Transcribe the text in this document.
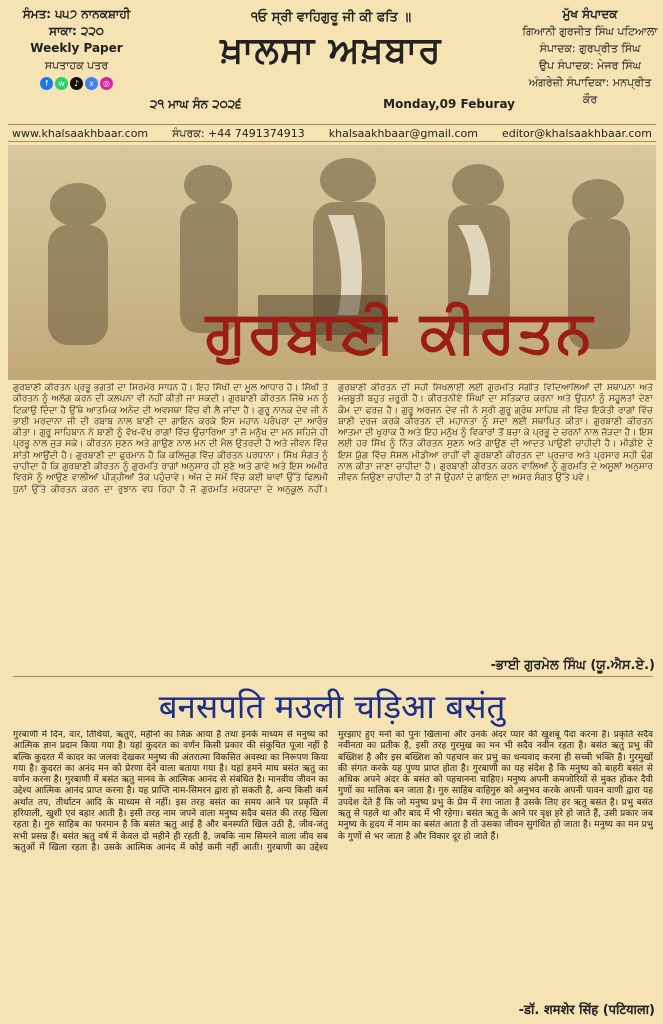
ਸੰਮਤ: ੫੫੭ ਨਾਨਕਸ਼ਾਹੀ
ਸਾਕਾ: ੨੨੦
Weekly Paper
ਸਪਤਾਹਕ ਪਤਰ
f	w	♪	x	◎
੧ਓ ਸ੍ਰੀ ਵਾਹਿਗੁਰੂ ਜੀ ਕੀ ਫਤਿ ॥
ਖ਼ਾਲਸਾ ਅਖ਼ਬਾਰ
੨੧ ਮਾਘ ਸੰਨ ੨੦੨੬	Monday,09 Feburay
ਮੁੱਖ ਸੰਪਾਦਕ
ਗਿਆਨੀ ਗੁਰਜੀਤ ਸਿੰਘ ਪਟਿਆਲਾ
ਸੰਪਾਦਕ: ਗੁਰਪ੍ਰੀਤ ਸਿੰਘ
ਉਪ ਸੰਪਾਦਕ: ਮੇਜਰ ਸਿੰਘ
ਅੰਗਰੇਜ਼ੀ ਸੰਪਾਦਿਕਾ: ਮਨਪ੍ਰੀਤ ਕੌਰ
www.khalsaakhbaar.com ਸੰਪਰਕ: +44 7491374913 khalsaakhbaar@gmail.com editor@khalsaakhbaar.com
ਗੁਰਬਾਣੀ ਕੀਰਤਨ
ਗੁਰਬਾਣੀ ਕੀਰਤਨ ਪ੍ਰਭੂ ਭਗਤੀ ਦਾ ਸਿਰਮੌਰ ਸਾਧਨ ਹੈ। ਇਹ ਸਿੱਖੀ ਦਾ ਮੂਲ ਆਧਾਰ ਹੈ। ਸਿੱਖੀ ਤੇ ਕੀਰਤਨ ਨੂੰ ਅਲੱਗ ਕਰਨ ਦੀ ਕਲਪਨਾ ਵੀ ਨਹੀਂ ਕੀਤੀ ਜਾ ਸਕਦੀ। ਗੁਰਬਾਣੀ ਕੀਰਤਨ ਜਿੱਥੇ ਮਨ ਨੂੰ ਟਿਕਾਉ ਦਿੰਦਾ ਹੈ ਉੱਥੇ ਆਤਮਿਕ ਅਨੰਦ ਦੀ ਅਵਸਥਾ ਵਿੱਚ ਵੀ ਲੈ ਜਾਂਦਾ ਹੈ। ਗੁਰੂ ਨਾਨਕ ਦੇਵ ਜੀ ਨੇ ਭਾਈ ਮਰਦਾਨਾ ਜੀ ਦੀ ਰਬਾਬ ਨਾਲ ਬਾਣੀ ਦਾ ਗਾਇਨ ਕਰਕੇ ਇਸ ਮਹਾਨ ਪਰੰਪਰਾ ਦਾ ਆਰੰਭ ਕੀਤਾ। ਗੁਰੂ ਸਾਹਿਬਾਨ ਨੇ ਬਾਣੀ ਨੂੰ ਵੱਖ-ਵੱਖ ਰਾਗਾਂ ਵਿੱਚ ਉਚਾਰਿਆ ਤਾਂ ਜੋ ਮਨੁੱਖ ਦਾ ਮਨ ਸਹਿਜੇ ਹੀ ਪ੍ਰਭੂ ਨਾਲ ਜੁੜ ਸਕੇ। ਕੀਰਤਨ ਸੁਣਨ ਅਤੇ ਗਾਉਣ ਨਾਲ ਮਨ ਦੀ ਮੈਲ ਉਤਰਦੀ ਹੈ ਅਤੇ ਜੀਵਨ ਵਿੱਚ ਸ਼ਾਂਤੀ ਆਉਂਦੀ ਹੈ। ਗੁਰਬਾਣੀ ਦਾ ਫੁਰਮਾਨ ਹੈ ਕਿ ਕਲਿਜੁਗ ਵਿੱਚ ਕੀਰਤਨ ਪਰਧਾਨਾ। ਸਿੱਖ ਸੰਗਤ ਨੂੰ ਚਾਹੀਦਾ ਹੈ ਕਿ ਗੁਰਬਾਣੀ ਕੀਰਤਨ ਨੂੰ ਗੁਰਮਤਿ ਰਾਗਾਂ ਅਨੁਸਾਰ ਹੀ ਸੁਣੇ ਅਤੇ ਗਾਵੇ ਅਤੇ ਇਸ ਅਮੀਰ ਵਿਰਸੇ ਨੂੰ ਆਉਣ ਵਾਲੀਆਂ ਪੀੜ੍ਹੀਆਂ ਤੱਕ ਪਹੁੰਚਾਵੇ। ਅੱਜ ਦੇ ਸਮੇਂ ਵਿੱਚ ਕਈ ਥਾਵਾਂ ਉੱਤੇ ਫਿਲਮੀ ਧੁਨਾਂ ਉੱਤੇ ਕੀਰਤਨ ਕਰਨ ਦਾ ਰੁਝਾਨ ਵਧ ਰਿਹਾ ਹੈ ਜੋ ਗੁਰਮਤਿ ਮਰਯਾਦਾ ਦੇ ਅਨੁਕੂਲ ਨਹੀਂ। ਗੁਰਬਾਣੀ ਕੀਰਤਨ ਦੀ ਸਹੀ ਸਿਖਲਾਈ ਲਈ ਗੁਰਮਤਿ ਸੰਗੀਤ ਵਿਦਿਆਲਿਆਂ ਦੀ ਸਥਾਪਨਾ ਅਤੇ ਮਜ਼ਬੂਤੀ ਬਹੁਤ ਜ਼ਰੂਰੀ ਹੈ। ਕੀਰਤਨੀਏ ਸਿੰਘਾਂ ਦਾ ਸਤਿਕਾਰ ਕਰਨਾ ਅਤੇ ਉਹਨਾਂ ਨੂੰ ਸਹੂਲਤਾਂ ਦੇਣਾ ਕੌਮ ਦਾ ਫਰਜ਼ ਹੈ। ਗੁਰੂ ਅਰਜਨ ਦੇਵ ਜੀ ਨੇ ਸ੍ਰੀ ਗੁਰੂ ਗ੍ਰੰਥ ਸਾਹਿਬ ਜੀ ਵਿੱਚ ਇਕੱਤੀ ਰਾਗਾਂ ਵਿੱਚ ਬਾਣੀ ਦਰਜ ਕਰਕੇ ਕੀਰਤਨ ਦੀ ਮਹਾਨਤਾ ਨੂੰ ਸਦਾ ਲਈ ਸਥਾਪਿਤ ਕੀਤਾ। ਗੁਰਬਾਣੀ ਕੀਰਤਨ ਆਤਮਾ ਦੀ ਖੁਰਾਕ ਹੈ ਅਤੇ ਇਹ ਮਨੁੱਖ ਨੂੰ ਵਿਕਾਰਾਂ ਤੋਂ ਬਚਾ ਕੇ ਪ੍ਰਭੂ ਦੇ ਚਰਨਾਂ ਨਾਲ ਜੋੜਦਾ ਹੈ। ਇਸ ਲਈ ਹਰ ਸਿੱਖ ਨੂੰ ਨਿੱਤ ਕੀਰਤਨ ਸੁਣਨ ਅਤੇ ਗਾਉਣ ਦੀ ਆਦਤ ਪਾਉਣੀ ਚਾਹੀਦੀ ਹੈ। ਮੀਡੀਏ ਦੇ ਇਸ ਯੁੱਗ ਵਿੱਚ ਸੋਸ਼ਲ ਮੀਡੀਆ ਰਾਹੀਂ ਵੀ ਗੁਰਬਾਣੀ ਕੀਰਤਨ ਦਾ ਪ੍ਰਚਾਰ ਅਤੇ ਪ੍ਰਸਾਰ ਸਹੀ ਢੰਗ ਨਾਲ ਕੀਤਾ ਜਾਣਾ ਚਾਹੀਦਾ ਹੈ। ਗੁਰਬਾਣੀ ਕੀਰਤਨ ਕਰਨ ਵਾਲਿਆਂ ਨੂੰ ਗੁਰਮਤਿ ਦੇ ਅਸੂਲਾਂ ਅਨੁਸਾਰ ਜੀਵਨ ਜਿਉਣਾ ਚਾਹੀਦਾ ਹੈ ਤਾਂ ਜੋ ਉਹਨਾਂ ਦੇ ਗਾਇਨ ਦਾ ਅਸਰ ਸੰਗਤ ਉੱਤੇ ਪਵੇ।
-ਭਾਈ ਗੁਰਮੇਲ ਸਿੰਘ (ਯੂ.ਐਸ.ਏ.)
बनसपति मउली चड़िआ बसंतु
गुरबाणी में दिन, वार, तिथियां, ऋतुएं, महीनों का जिक्र आया है तथा इनके माध्यम से मनुष्य को आत्मिक ज्ञान प्रदान किया गया है। यहां कुदरत का वर्णन किसी प्रकार की संकुचित पूजा नहीं है बल्कि कुदरत में कादर का जलवा देखकर मनुष्य की अंतरात्मा विकसित अवस्था का निरूपण किया गया है। कुदरत का अनंद मन को प्रेरणा देने वाला बताया गया है। यहां हमने माघ बसंत ऋतु का वर्णन करना है। गुरबाणी में बसंत ऋतु मानव के आत्मिक आनंद से संबंधित है। मानवीय जीवन का उद्देश्य आत्मिक आनंद प्राप्त करना है। यह प्राप्ति नाम-सिमरन द्वारा हो सकती है, अन्य किसी कर्म अर्थात तप, तीर्थाटन आदि के माध्यम से नहीं। इस तरह बसंत का समय आने पर प्रकृति में हरियाली, खुशी एवं बहार आती है। इसी तरह नाम जपने वाला मनुष्य सदैव बसंत की तरह खिला रहता है। गुरु साहिब का फरमान है कि बसंत ऋतु आई है और बनस्पति खिल उठी है, जीव-जंतु सभी प्रसन्न हैं। बसंत ऋतु वर्ष में केवल दो महीने ही रहती है, जबकि नाम सिमरने वाला जीव सब ऋतुओं में खिला रहता है। उसके आत्मिक आनंद में कोई कमी नहीं आती। गुरबाणी का उद्देश्य मुरझाए हुए मनों को पुनः खिलाना और उनके अंदर प्यार की खुशबू पैदा करना है। प्रकृति सदैव नवीनता का प्रतीक है, इसी तरह गुरमुख का मन भी सदैव नवीन रहता है। बसंत ऋतु प्रभु की बख्शिश है और इस बख्शिश को पहचान कर प्रभु का धन्यवाद करना ही सच्ची भक्ति है। गुरमुखों की संगत करके यह पुण्य प्राप्त होता है। गुरबाणी का यह संदेश है कि मनुष्य को बाहरी बसंत से अधिक अपने अंदर के बसंत को पहचानना चाहिए। मनुष्य अपनी कमजोरियों से मुक्त होकर दैवी गुणों का मालिक बन जाता है। गुरु साहिब वाहिगुरु को अनुभव करके अपनी पावन वाणी द्वारा यह उपदेश देते हैं कि जो मनुष्य प्रभु के प्रेम में रंगा जाता है उसके लिए हर ऋतु बसंत है। प्रभु बसंत ऋतु से पहले था और बाद में भी रहेगा। बसंत ऋतु के आने पर वृक्ष हरे हो जाते हैं, उसी प्रकार जब मनुष्य के हृदय में नाम का बसंत आता है तो उसका जीवन सुगंधित हो जाता है। मनुष्य का मन प्रभु के गुणों से भर जाता है और विकार दूर हो जाते हैं।
-डॉ. शमशेर सिंह (पटियाला)
